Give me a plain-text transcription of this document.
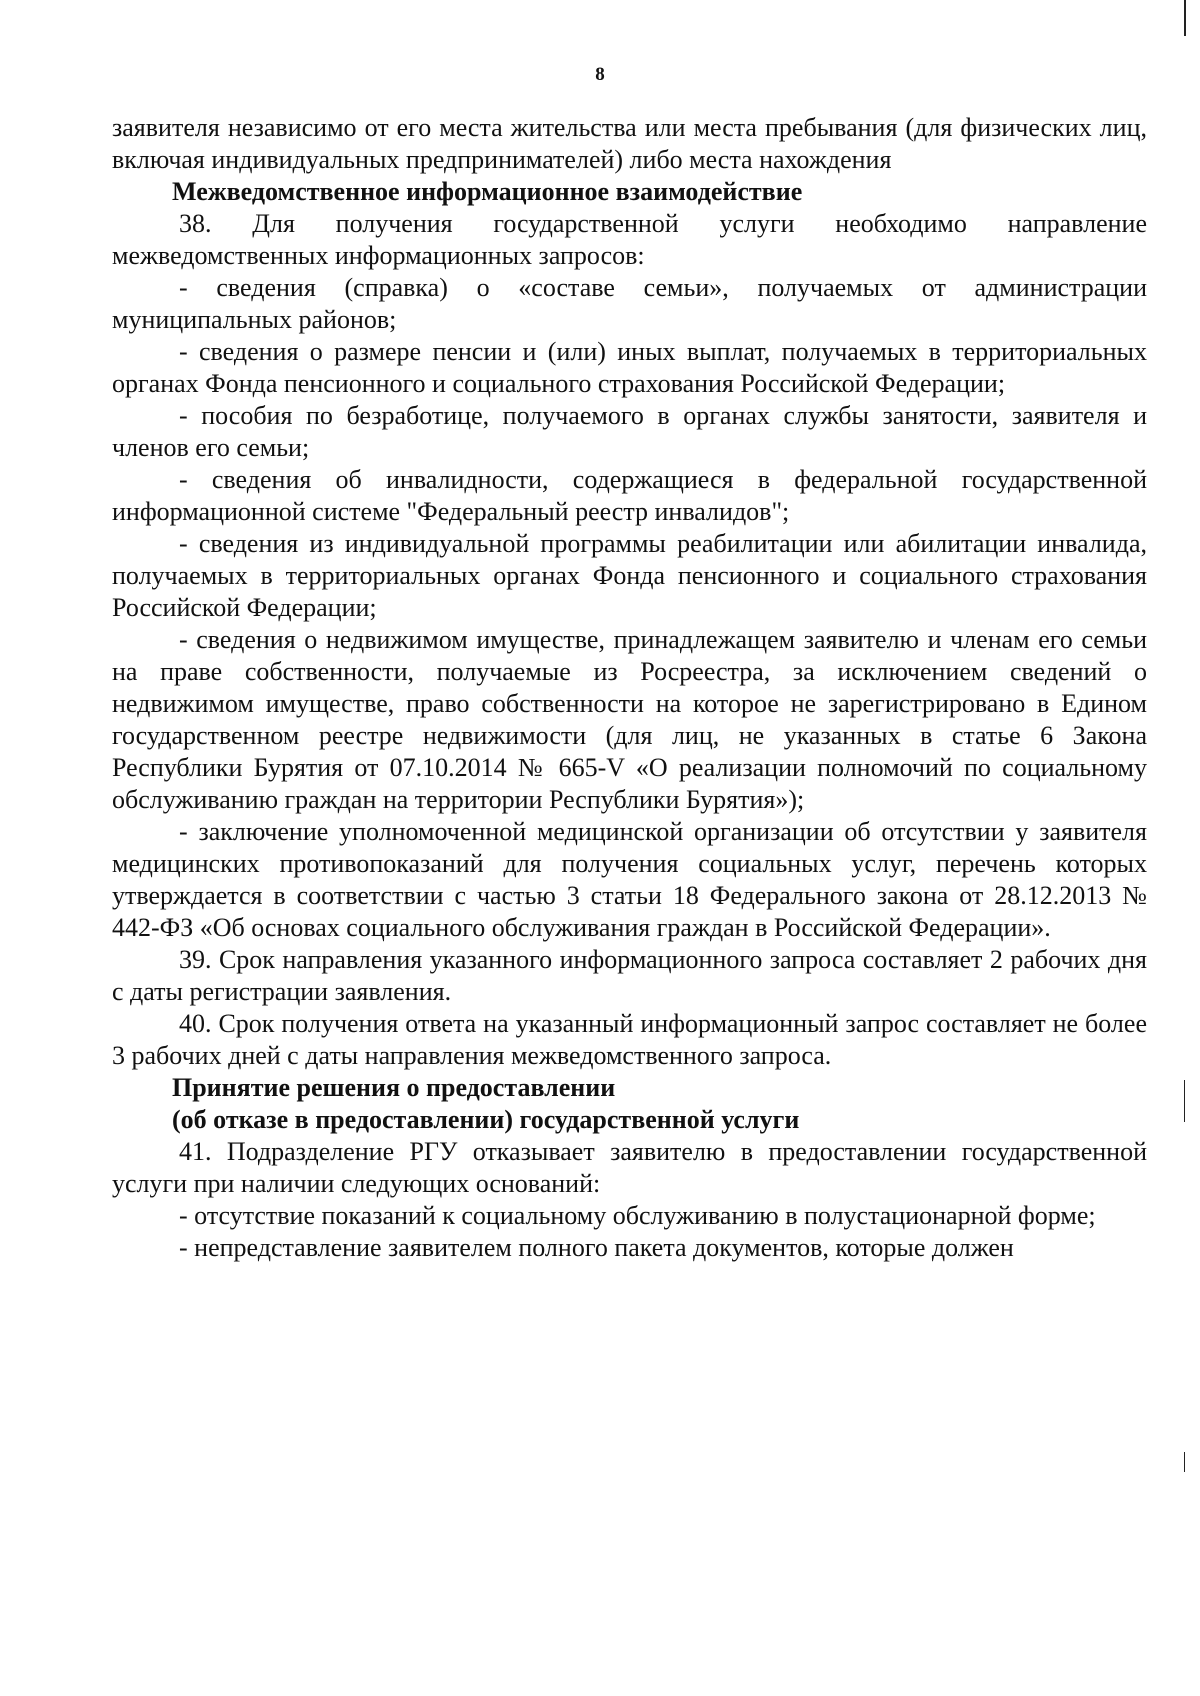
8

заявителя независимо от его места жительства или места пребывания (для физических лиц, включая индивидуальных предпринимателей) либо места нахождения

Межведомственное информационное взаимодействие

38. Для получения государственной услуги необходимо направление межведомственных информационных запросов:

- сведения (справка) о «составе семьи», получаемых от администрации муниципальных районов;

- сведения о размере пенсии и (или) иных выплат, получаемых в территориальных органах Фонда пенсионного и социального страхования Российской Федерации;

- пособия по безработице, получаемого в органах службы занятости, заявителя и членов его семьи;

- сведения об инвалидности, содержащиеся в федеральной государственной информационной системе "Федеральный реестр инвалидов";

- сведения из индивидуальной программы реабилитации или абилитации инвалида, получаемых в территориальных органах Фонда пенсионного и социального страхования Российской Федерации;

- сведения о недвижимом имуществе, принадлежащем заявителю и членам его семьи на праве собственности, получаемые из Росреестра, за исключением сведений о недвижимом имуществе, право собственности на которое не зарегистрировано в Едином государственном реестре недвижимости (для лиц, не указанных в статье 6 Закона Республики Бурятия от 07.10.2014 № 665-V «О реализации полномочий по социальному обслуживанию граждан на территории Республики Бурятия»);

- заключение уполномоченной медицинской организации об отсутствии у заявителя медицинских противопоказаний для получения социальных услуг, перечень которых утверждается в соответствии с частью 3 статьи 18 Федерального закона от 28.12.2013 № 442-ФЗ «Об основах социального обслуживания граждан в Российской Федерации».

39. Срок направления указанного информационного запроса составляет 2 рабочих дня с даты регистрации заявления.

40. Срок получения ответа на указанный информационный запрос составляет не более 3 рабочих дней с даты направления межведомственного запроса.

Принятие решения о предоставлении
(об отказе в предоставлении) государственной услуги

41. Подразделение РГУ отказывает заявителю в предоставлении государственной услуги при наличии следующих оснований:

- отсутствие показаний к социальному обслуживанию в полустационарной форме;

- непредставление заявителем полного пакета документов, которые должен
